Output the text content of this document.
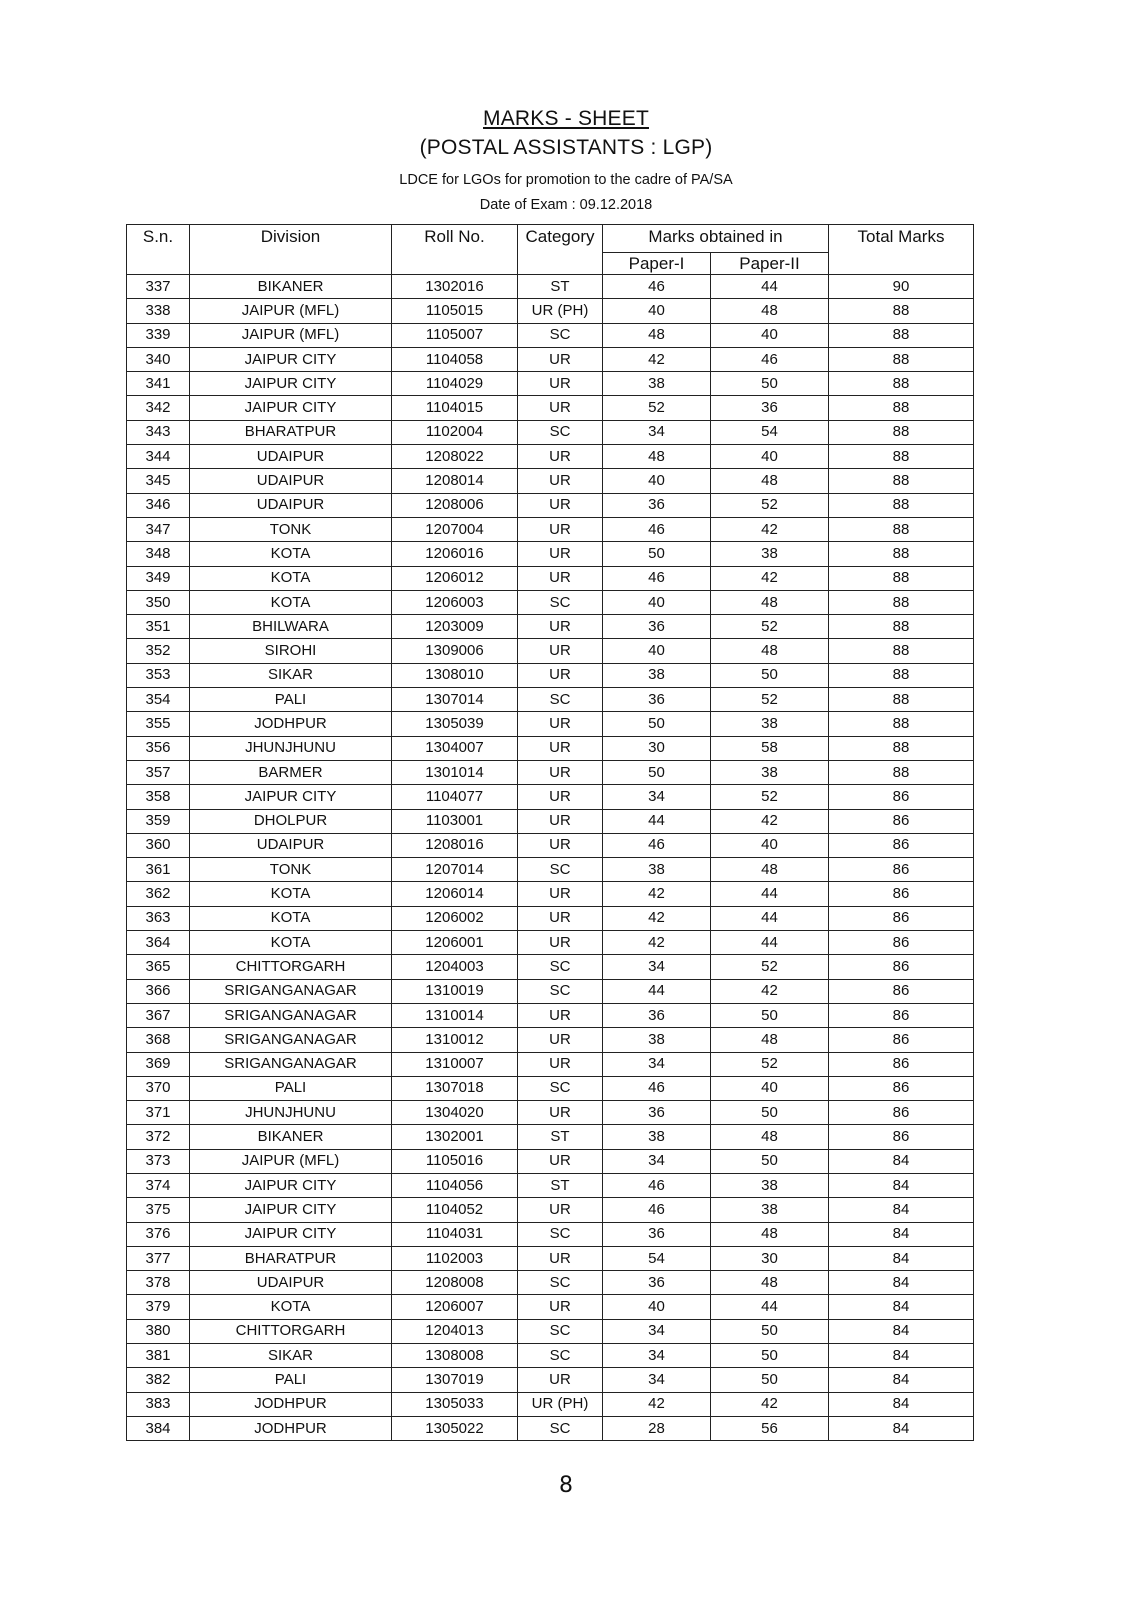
MARKS - SHEET
(POSTAL ASSISTANTS : LGP)
LDCE for LGOs for promotion to the cadre of PA/SA
Date of Exam : 09.12.2018
S.n.	Division	Roll No.	Category	Marks obtained in		Total Marks
				Paper-I	Paper-II	
337	BIKANER	1302016	ST	46	44	90
338	JAIPUR (MFL)	1105015	UR (PH)	40	48	88
339	JAIPUR (MFL)	1105007	SC	48	40	88
340	JAIPUR CITY	1104058	UR	42	46	88
341	JAIPUR CITY	1104029	UR	38	50	88
342	JAIPUR CITY	1104015	UR	52	36	88
343	BHARATPUR	1102004	SC	34	54	88
344	UDAIPUR	1208022	UR	48	40	88
345	UDAIPUR	1208014	UR	40	48	88
346	UDAIPUR	1208006	UR	36	52	88
347	TONK	1207004	UR	46	42	88
348	KOTA	1206016	UR	50	38	88
349	KOTA	1206012	UR	46	42	88
350	KOTA	1206003	SC	40	48	88
351	BHILWARA	1203009	UR	36	52	88
352	SIROHI	1309006	UR	40	48	88
353	SIKAR	1308010	UR	38	50	88
354	PALI	1307014	SC	36	52	88
355	JODHPUR	1305039	UR	50	38	88
356	JHUNJHUNU	1304007	UR	30	58	88
357	BARMER	1301014	UR	50	38	88
358	JAIPUR CITY	1104077	UR	34	52	86
359	DHOLPUR	1103001	UR	44	42	86
360	UDAIPUR	1208016	UR	46	40	86
361	TONK	1207014	SC	38	48	86
362	KOTA	1206014	UR	42	44	86
363	KOTA	1206002	UR	42	44	86
364	KOTA	1206001	UR	42	44	86
365	CHITTORGARH	1204003	SC	34	52	86
366	SRIGANGANAGAR	1310019	SC	44	42	86
367	SRIGANGANAGAR	1310014	UR	36	50	86
368	SRIGANGANAGAR	1310012	UR	38	48	86
369	SRIGANGANAGAR	1310007	UR	34	52	86
370	PALI	1307018	SC	46	40	86
371	JHUNJHUNU	1304020	UR	36	50	86
372	BIKANER	1302001	ST	38	48	86
373	JAIPUR (MFL)	1105016	UR	34	50	84
374	JAIPUR CITY	1104056	ST	46	38	84
375	JAIPUR CITY	1104052	UR	46	38	84
376	JAIPUR CITY	1104031	SC	36	48	84
377	BHARATPUR	1102003	UR	54	30	84
378	UDAIPUR	1208008	SC	36	48	84
379	KOTA	1206007	UR	40	44	84
380	CHITTORGARH	1204013	SC	34	50	84
381	SIKAR	1308008	SC	34	50	84
382	PALI	1307019	UR	34	50	84
383	JODHPUR	1305033	UR (PH)	42	42	84
384	JODHPUR	1305022	SC	28	56	84
8
